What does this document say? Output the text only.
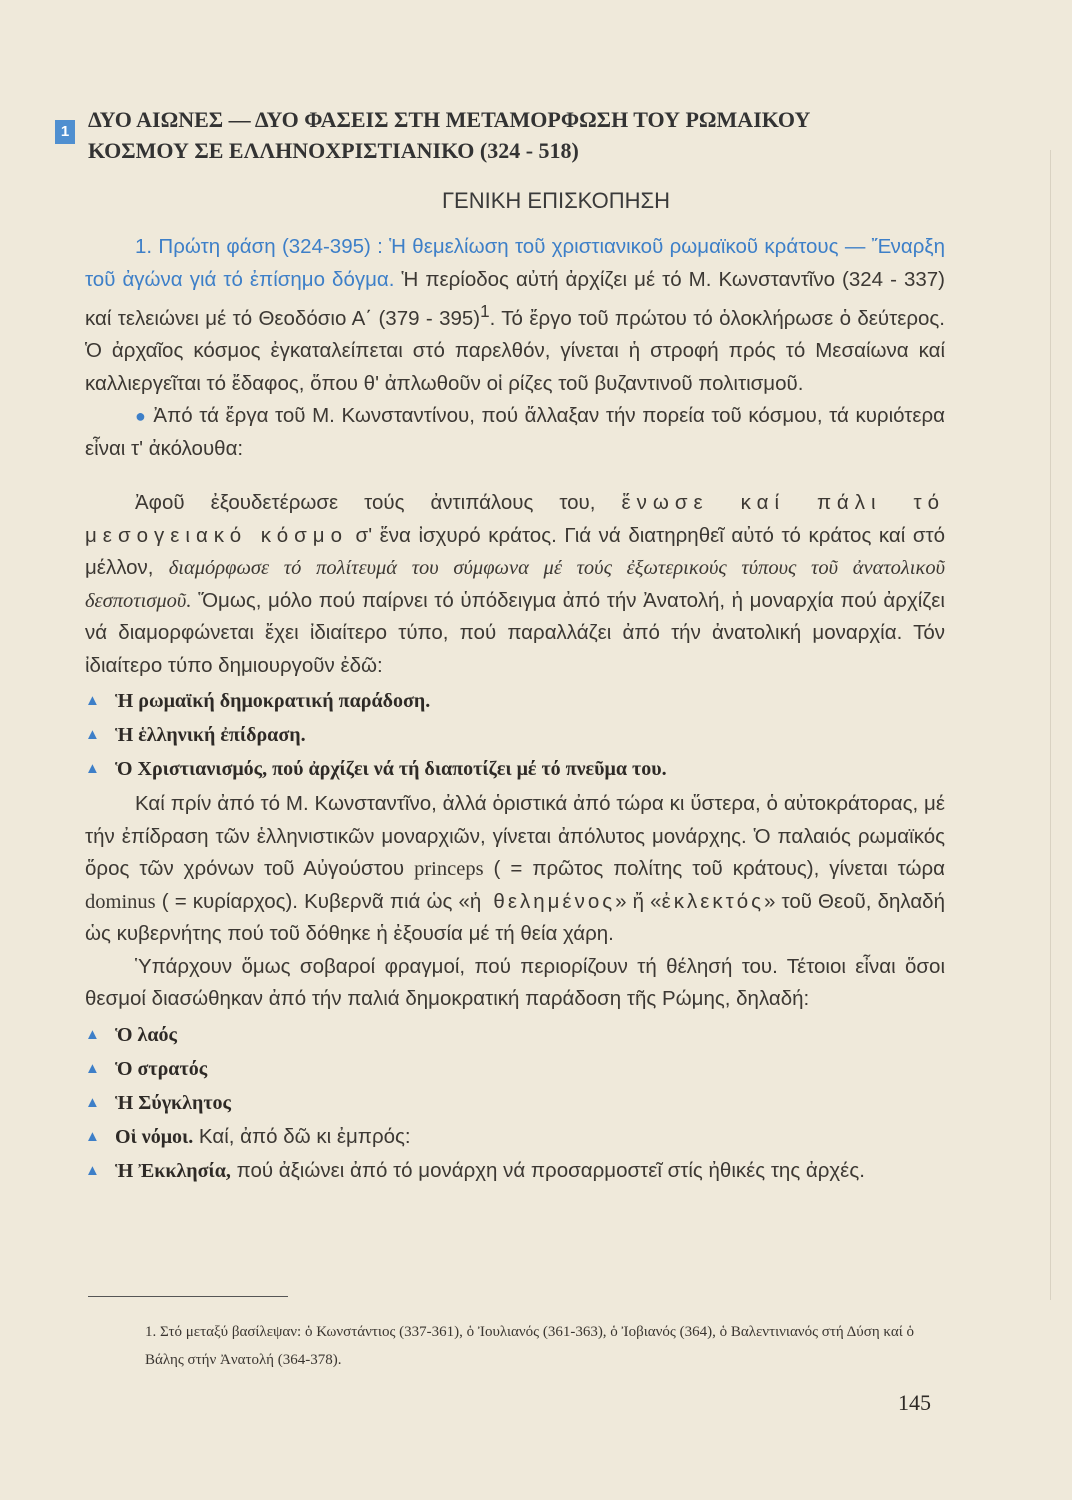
1 ΔΥΟ ΑΙΩΝΕΣ — ΔΥΟ ΦΑΣΕΙΣ ΣΤΗ ΜΕΤΑΜΟΡΦΩΣΗ ΤΟΥ ΡΩΜΑΙΚΟΥ
ΚΟΣΜΟΥ ΣΕ ΕΛΛΗΝΟΧΡΙΣΤΙΑΝΙΚΟ (324 - 518)
ΓΕΝΙΚΗ ΕΠΙΣΚΟΠΗΣΗ

1. Πρώτη φάση (324-395) : Ἡ θεμελίωση τοῦ χριστιανικοῦ ρωμαϊκοῦ κράτους — Ἔναρξη τοῦ ἀγώνα γιά τό ἐπίσημο δόγμα. Ἡ περίοδος αὐτή ἀρχίζει μέ τό Μ. Κωνσταντῖνο (324 - 337) καί τελειώνει μέ τό Θεοδόσιο Α΄ (379 - 395)$^1$. Τό ἔργο τοῦ πρώτου τό ὁλοκλήρωσε ὁ δεύτερος. Ὁ ἀρχαῖος κόσμος ἐγκαταλείπεται στό παρελθόν, γίνεται ἡ στροφή πρός τό Μεσαίωνα καί καλλιεργεῖται τό ἔδαφος, ὅπου θ' ἀπλωθοῦν οἱ ρίζες τοῦ βυζαντινοῦ πολιτισμοῦ.

● Ἀπό τά ἔργα τοῦ Μ. Κωνσταντίνου, πού ἄλλαξαν τήν πορεία τοῦ κόσμου, τά κυριότερα εἶναι τ' ἀκόλουθα:

Ἀφοῦ ἐξουδετέρωσε τούς ἀντιπάλους του, ἕνωσε καί πάλι τό μεσογειακό κόσμο σ' ἕνα ἰσχυρό κράτος. Γιά νά διατηρηθεῖ αὐτό τό κράτος καί στό μέλλον, διαμόρφωσε τό πολίτευμά του σύμφωνα μέ τούς ἐξωτερικούς τύπους τοῦ ἀνατολικοῦ δεσποτισμοῦ. Ὅμως, μόλο πού παίρνει τό ὑπόδειγμα ἀπό τήν Ἀνατολή, ἡ μοναρχία πού ἀρχίζει νά διαμορφώνεται ἔχει ἰδιαίτερο τύπο, πού παραλλάζει ἀπό τήν ἀνατολική μοναρχία. Τόν ἰδιαίτερο τύπο δημιουργοῦν ἐδῶ:

▲ Ἡ ρωμαϊκή δημοκρατική παράδοση.
▲ Ἡ ἑλληνική ἐπίδραση.
▲ Ὁ Χριστιανισμός, πού ἀρχίζει νά τή διαποτίζει μέ τό πνεῦμα του.

Καί πρίν ἀπό τό Μ. Κωνσταντῖνο, ἀλλά ὁριστικά ἀπό τώρα κι ὕστερα, ὁ αὐτοκράτορας, μέ τήν ἐπίδραση τῶν ἑλληνιστικῶν μοναρχιῶν, γίνεται ἀπόλυτος μονάρχης. Ὁ παλαιός ρωμαϊκός ὅρος τῶν χρόνων τοῦ Αὐγούστου princeps ( = πρῶτος πολίτης τοῦ κράτους), γίνεται τώρα dominus ( = κυρίαρχος). Κυβερνᾶ πιά ὡς «ἡ θελημένος» ἤ «ἐκλεκτός» τοῦ Θεοῦ, δηλαδή ὡς κυβερνήτης πού τοῦ δόθηκε ἡ ἐξουσία μέ τή θεία χάρη.

Ὑπάρχουν ὅμως σοβαροί φραγμοί, πού περιορίζουν τή θέλησή του. Τέτοιοι εἶναι ὅσοι θεσμοί διασώθηκαν ἀπό τήν παλιά δημοκρατική παράδοση τῆς Ρώμης, δηλαδή:

▲ Ὁ λαός
▲ Ὁ στρατός
▲ Ἡ Σύγκλητος
▲ Οἱ νόμοι. Καί, ἀπό δῶ κι ἐμπρός:
▲ Ἡ Ἐκκλησία, πού ἀξιώνει ἀπό τό μονάρχη νά προσαρμοστεῖ στίς ἠθικές της ἀρχές.
1. Στό μεταξύ βασίλεψαν: ὁ Κωνστάντιος (337-361), ὁ Ἰουλιανός (361-363), ὁ Ἰοβιανός (364), ὁ Βαλεντινιανός στή Δύση καί ὁ Βάλης στήν Ἀνατολή (364-378).
145
